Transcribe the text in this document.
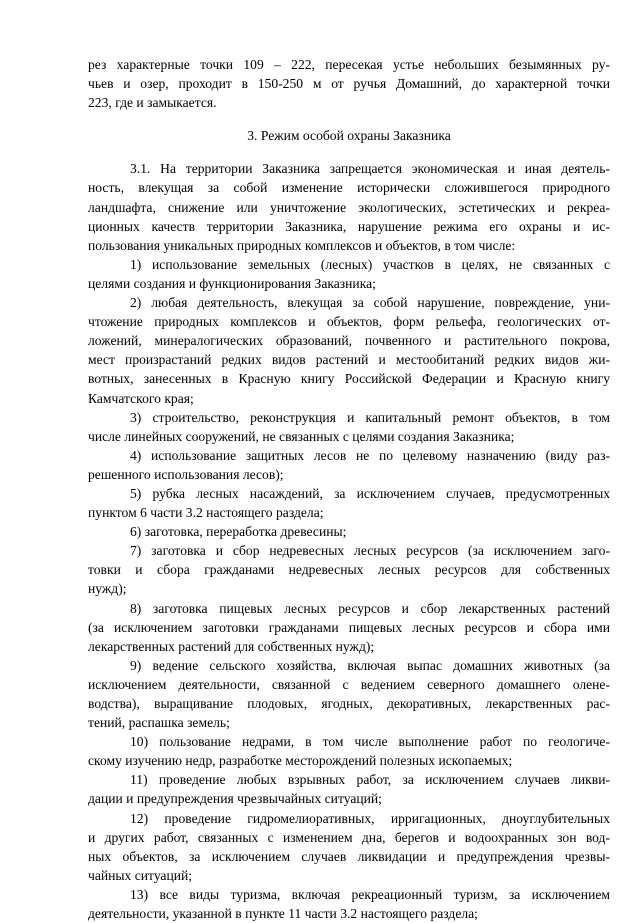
рез характерные точки 109 – 222, пересекая устье небольших безымянных ру-
чьев и озер, проходит в 150-250 м от ручья Домашний, до характерной точки
223, где и замыкается.
3. Режим особой охраны Заказника
3.1. На территории Заказника запрещается экономическая и иная деятель-
ность, влекущая за собой изменение исторически сложившегося природного
ландшафта, снижение или уничтожение экологических, эстетических и рекреа-
ционных качеств территории Заказника, нарушение режима его охраны и ис-
пользования уникальных природных комплексов и объектов, в том числе:
1) использование земельных (лесных) участков в целях, не связанных с
целями создания и функционирования Заказника;
2) любая деятельность, влекущая за собой нарушение, повреждение, уни-
чтожение природных комплексов и объектов, форм рельефа, геологических от-
ложений, минералогических образований, почвенного и растительного покрова,
мест произрастаний редких видов растений и местообитаний редких видов жи-
вотных, занесенных в Красную книгу Российской Федерации и Красную книгу
Камчатского края;
3) строительство, реконструкция и капитальный ремонт объектов, в том
числе линейных сооружений, не связанных с целями создания Заказника;
4) использование защитных лесов не по целевому назначению (виду раз-
решенного использования лесов);
5) рубка лесных насаждений, за исключением случаев, предусмотренных
пунктом 6 части 3.2 настоящего раздела;
6) заготовка, переработка древесины;
7) заготовка и сбор недревесных лесных ресурсов (за исключением заго-
товки и сбора гражданами недревесных лесных ресурсов для собственных
нужд);
8) заготовка пищевых лесных ресурсов и сбор лекарственных растений
(за исключением заготовки гражданами пищевых лесных ресурсов и сбора ими
лекарственных растений для собственных нужд);
9) ведение сельского хозяйства, включая выпас домашних животных (за
исключением деятельности, связанной с ведением северного домашнего олене-
водства), выращивание плодовых, ягодных, декоративных, лекарственных рас-
тений, распашка земель;
10) пользование недрами, в том числе выполнение работ по геологиче-
скому изучению недр, разработке месторождений полезных ископаемых;
11) проведение любых взрывных работ, за исключением случаев ликви-
дации и предупреждения чрезвычайных ситуаций;
12) проведение гидромелиоративных, ирригационных, дноуглубительных
и других работ, связанных с изменением дна, берегов и водоохранных зон вод-
ных объектов, за исключением случаев ликвидации и предупреждения чрезвы-
чайных ситуаций;
13) все виды туризма, включая рекреационный туризм, за исключением
деятельности, указанной в пункте 11 части 3.2 настоящего раздела;
